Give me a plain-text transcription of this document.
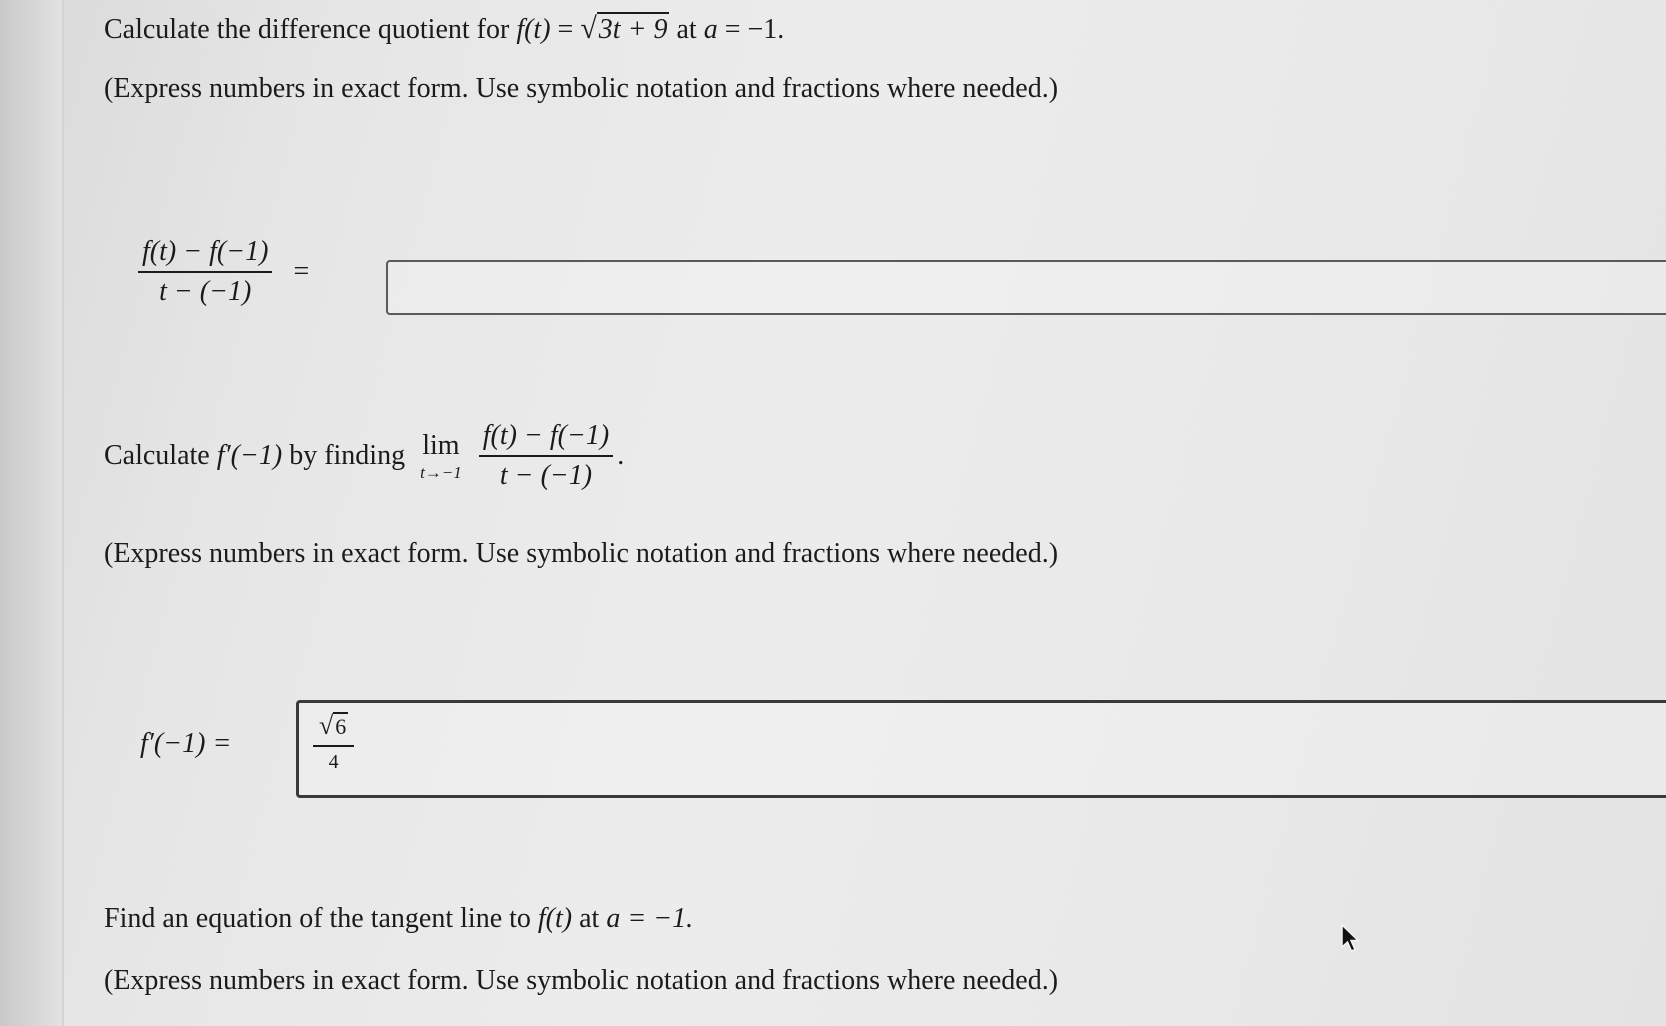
Calculate the difference quotient for f(t) = √3t + 9 at a = −1.
(Express numbers in exact form. Use symbolic notation and fractions where needed.)
$\frac{f(t) - f(-1)}{t - (-1)}$ =
Calculate f′(−1) by finding lim
t→−1
$\frac{f(t) - f(-1)}{t - (-1)}$ .
(Express numbers in exact form. Use symbolic notation and fractions where needed.)
f′(−1) =	$\frac{√6}{4}$
Find an equation of the tangent line to f(t) at a = −1.
(Express numbers in exact form. Use symbolic notation and fractions where needed.)
